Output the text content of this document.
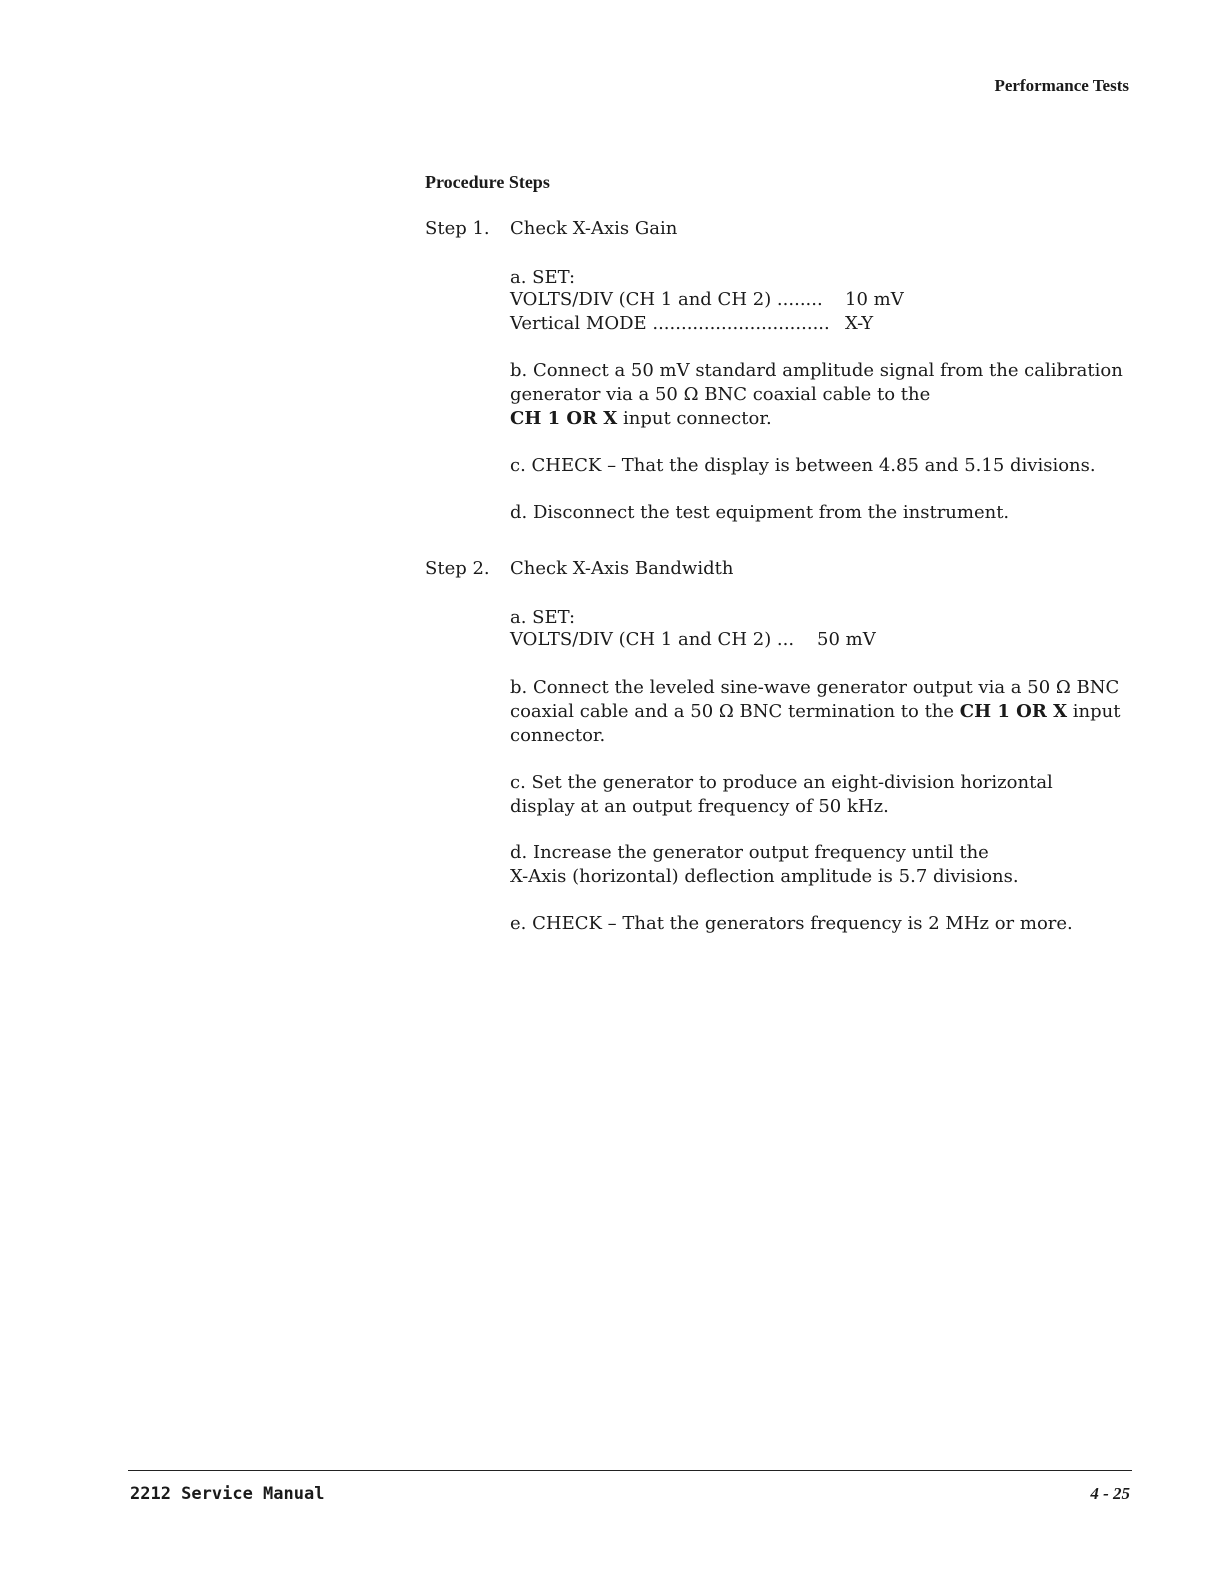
Performance Tests
Procedure Steps
Step 1. Check X-Axis Gain
a. SET:
VOLTS/DIV (CH 1 and CH 2) ........ 10 mV
Vertical MODE ............................... X-Y
b. Connect a 50 mV standard amplitude signal from the calibration
generator via a 50 Ω BNC coaxial cable to the
CH 1 OR X input connector.
c. CHECK – That the display is between 4.85 and 5.15 divisions.
d. Disconnect the test equipment from the instrument.
Step 2. Check X-Axis Bandwidth
a. SET:
VOLTS/DIV (CH 1 and CH 2) ... 50 mV
b. Connect the leveled sine-wave generator output via a 50 Ω BNC
coaxial cable and a 50 Ω BNC termination to the CH 1 OR X input
connector.
c. Set the generator to produce an eight-division horizontal
display at an output frequency of 50 kHz.
d. Increase the generator output frequency until the
X-Axis (horizontal) deflection amplitude is 5.7 divisions.
e. CHECK – That the generators frequency is 2 MHz or more.
2212 Service Manual	4 - 25
